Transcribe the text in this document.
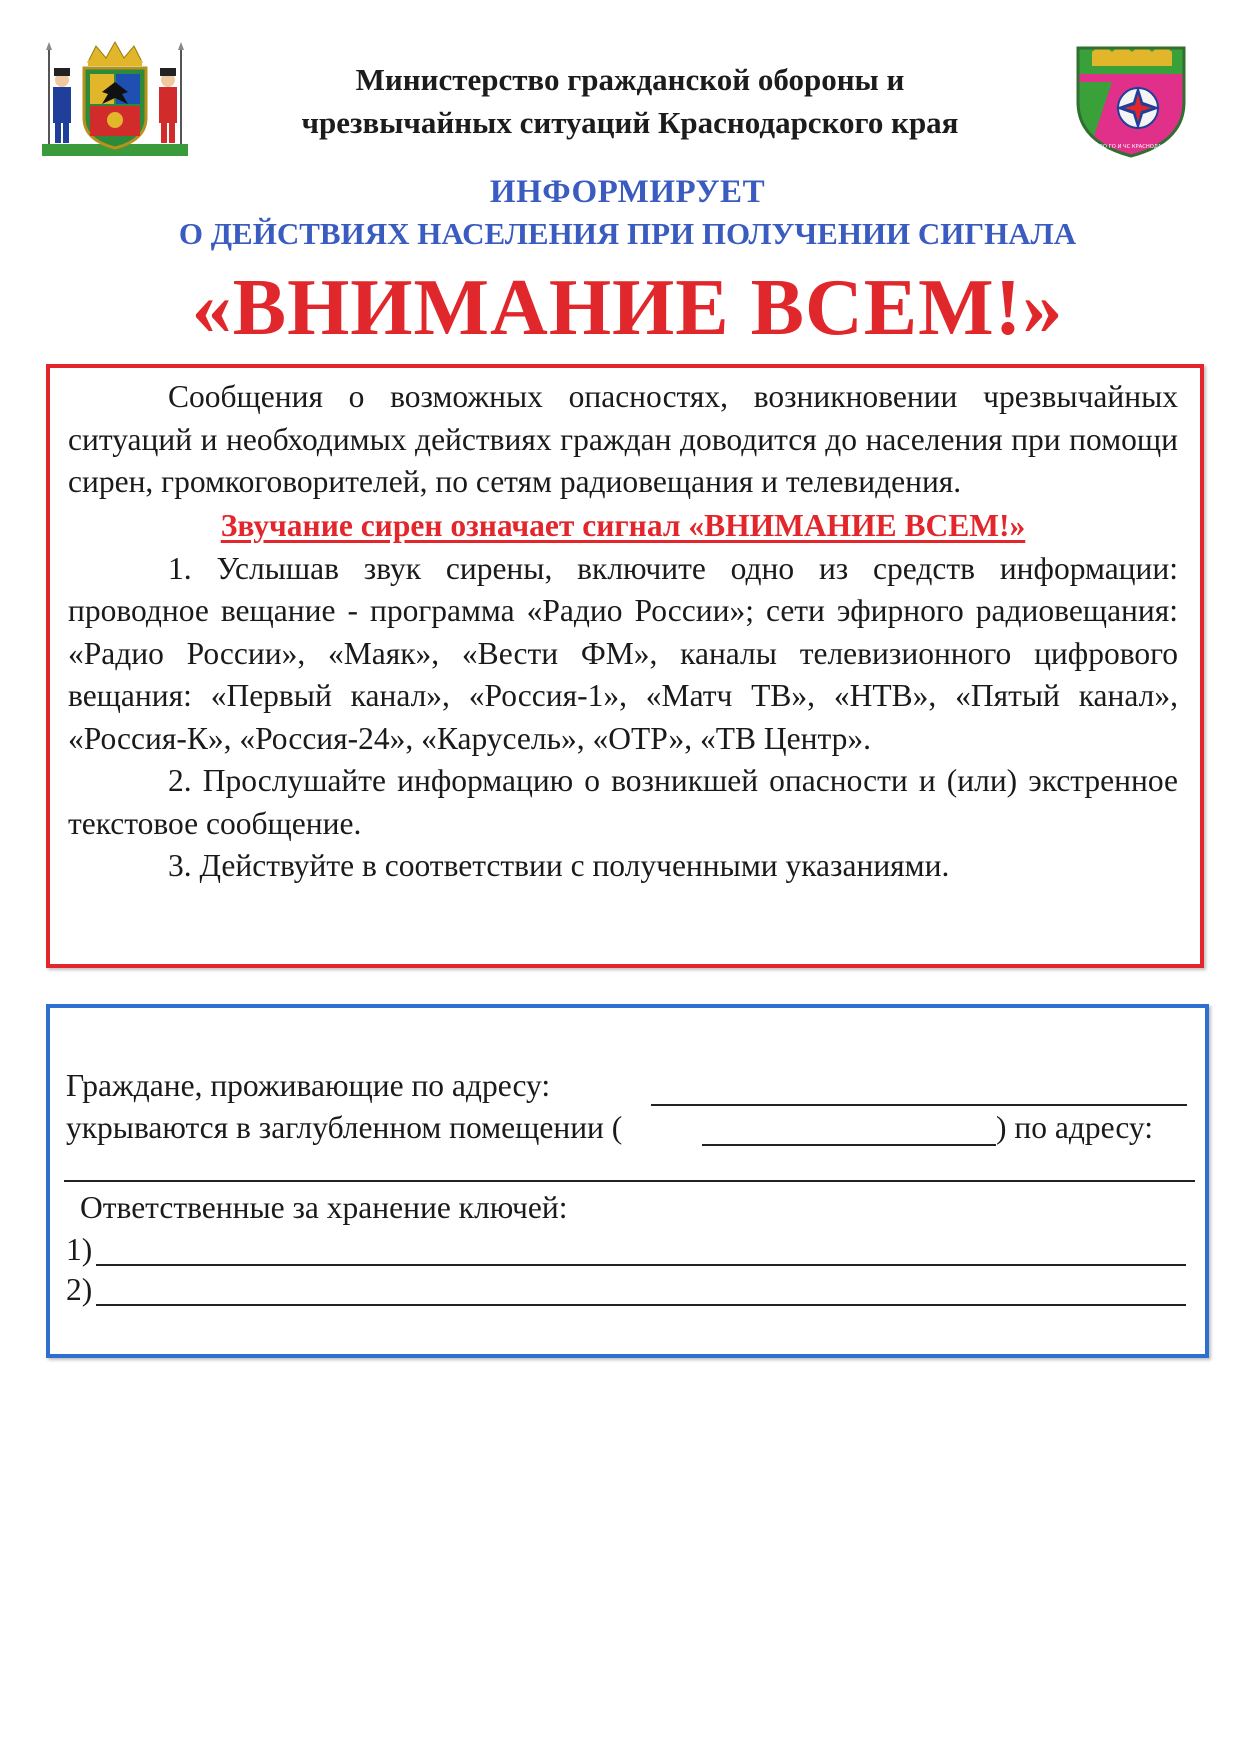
Министерство гражданской обороны и
чрезвычайных ситуаций Краснодарского края
МИНИСТЕРСТВО ГО И ЧС КРАСНОДАРСКОГО КРАЯ
ИНФОРМИРУЕТ
О ДЕЙСТВИЯХ НАСЕЛЕНИЯ ПРИ ПОЛУЧЕНИИ СИГНАЛА
«ВНИМАНИЕ ВСЕМ!»

Сообщения о возможных опасностях, возникновении чрезвычайных ситуаций и необходимых действиях граждан доводится до населения при помощи сирен, громкоговорителей, по сетям радиовещания и телевидения.

Звучание сирен означает сигнал «ВНИМАНИЕ ВСЕМ!»

1. Услышав звук сирены, включите одно из средств информации: проводное вещание - программа «Радио России»; сети эфирного радиовещания: «Радио России», «Маяк», «Вести ФМ», каналы телевизионного цифрового вещания: «Первый канал», «Россия-1», «Матч ТВ», «НТВ», «Пятый канал», «Россия-К», «Россия-24», «Карусель», «ОТР», «ТВ Центр».

2. Прослушайте информацию о возникшей опасности и (или) экстренное текстовое сообщение.

3. Действуйте в соответствии с полученными указаниями.

Граждане, проживающие по адресу:
укрываются в заглубленном помещении (	) по адресу:
Ответственные за хранение ключей:
1)
2)
